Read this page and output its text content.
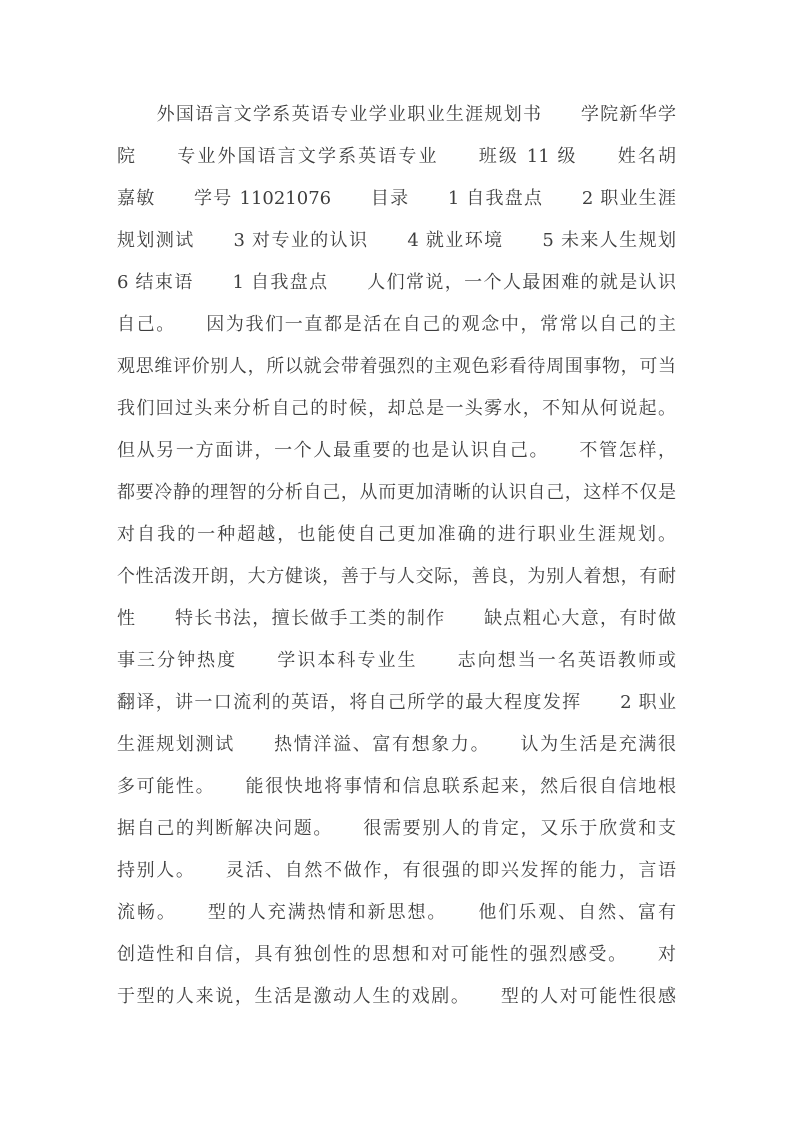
外国语言文学系英语专业学业职业生涯规划书　　学院新华学
院　　专业外国语言文学系英语专业　　班级 11 级　　姓名胡
嘉敏　　学号 11021076　　目录　　1 自我盘点　　2 职业生涯
规划测试　　3 对专业的认识　　4 就业环境　　5 未来人生规划
6 结束语　　1 自我盘点　　人们常说，一个人最困难的就是认识
自己。　　因为我们一直都是活在自己的观念中，常常以自己的主
观思维评价别人，所以就会带着强烈的主观色彩看待周围事物，可当
我们回过头来分析自己的时候，却总是一头雾水，不知从何说起。
但从另一方面讲，一个人最重要的也是认识自己。　　不管怎样，
都要冷静的理智的分析自己，从而更加清晰的认识自己，这样不仅是
对自我的一种超越，也能使自己更加准确的进行职业生涯规划。
个性活泼开朗，大方健谈，善于与人交际，善良，为别人着想，有耐
性　　特长书法，擅长做手工类的制作　　缺点粗心大意，有时做
事三分钟热度　　学识本科专业生　　志向想当一名英语教师或
翻译，讲一口流利的英语，将自己所学的最大程度发挥　　2 职业
生涯规划测试　　热情洋溢、富有想象力。　　认为生活是充满很
多可能性。　　能很快地将事情和信息联系起来，然后很自信地根
据自己的判断解决问题。　　很需要别人的肯定，又乐于欣赏和支
持别人。　　灵活、自然不做作，有很强的即兴发挥的能力，言语
流畅。　　型的人充满热情和新思想。　　他们乐观、自然、富有
创造性和自信，具有独创性的思想和对可能性的强烈感受。　　对
于型的人来说，生活是激动人生的戏剧。　　型的人对可能性很感
